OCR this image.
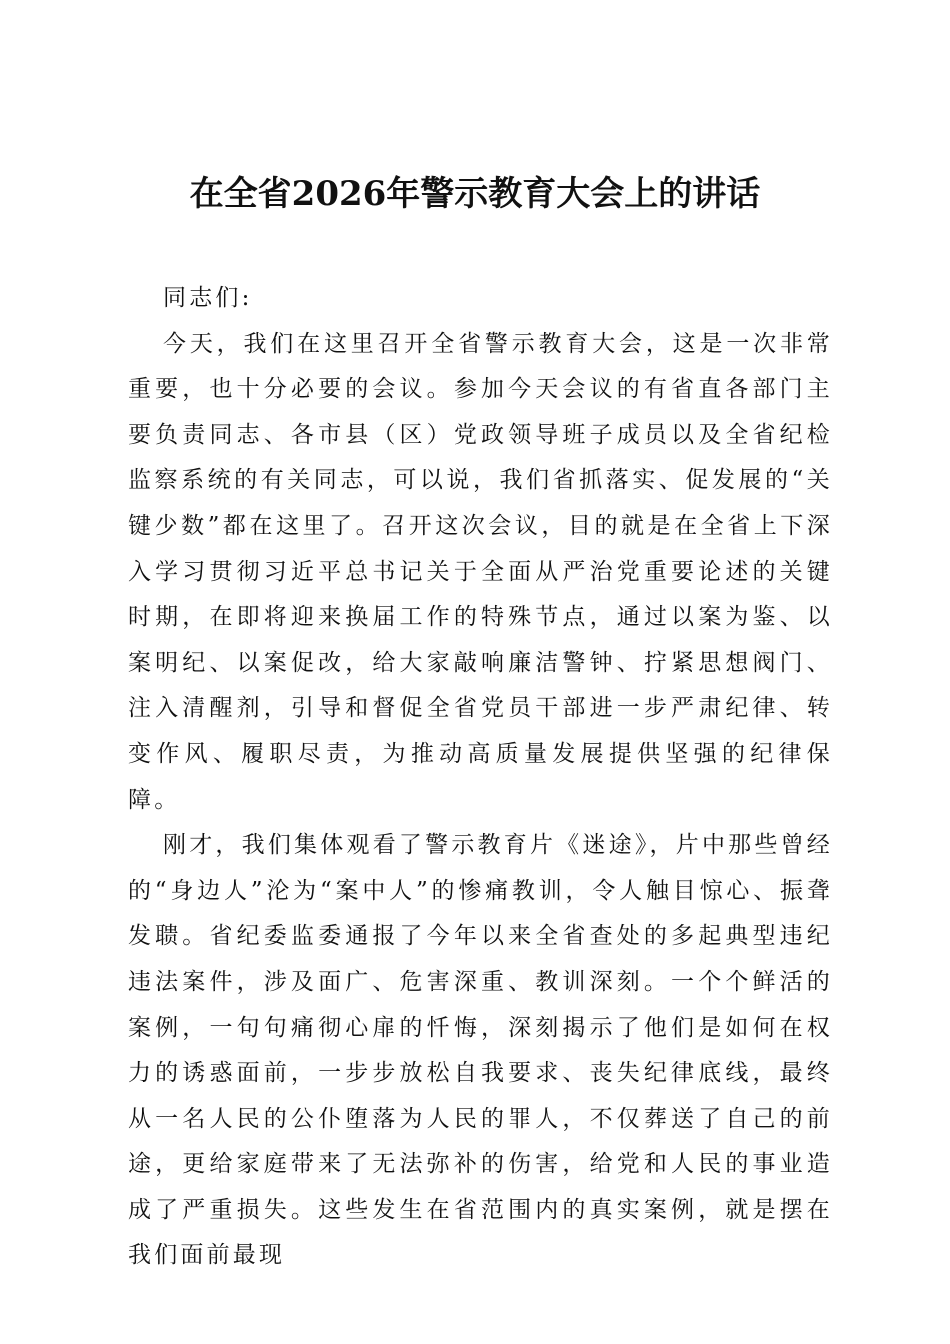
在全省2026年警示教育大会上的讲话

同志们:

今天，我们在这里召开全省警示教育大会，这是一次非常重要，也十分必要的会议。参加今天会议的有省直各部门主要负责同志、各市县（区）党政领导班子成员以及全省纪检监察系统的有关同志，可以说，我们省抓落实、促发展的“关键少数”都在这里了。召开这次会议，目的就是在全省上下深入学习贯彻习近平总书记关于全面从严治党重要论述的关键时期，在即将迎来换届工作的特殊节点，通过以案为鉴、以案明纪、以案促改，给大家敲响廉洁警钟、拧紧思想阀门、注入清醒剂，引导和督促全省党员干部进一步严肃纪律、转变作风、履职尽责，为推动高质量发展提供坚强的纪律保障。

刚才，我们集体观看了警示教育片《迷途》，片中那些曾经的“身边人”沦为“案中人”的惨痛教训，令人触目惊心、振聋发聩。省纪委监委通报了今年以来全省查处的多起典型违纪违法案件，涉及面广、危害深重、教训深刻。一个个鲜活的案例，一句句痛彻心扉的忏悔，深刻揭示了他们是如何在权力的诱惑面前，一步步放松自我要求、丧失纪律底线，最终从一名人民的公仆堕落为人民的罪人，不仅葬送了自己的前途，更给家庭带来了无法弥补的伤害，给党和人民的事业造成了严重损失。这些发生在省范围内的真实案例，就是摆在我们面前最现
